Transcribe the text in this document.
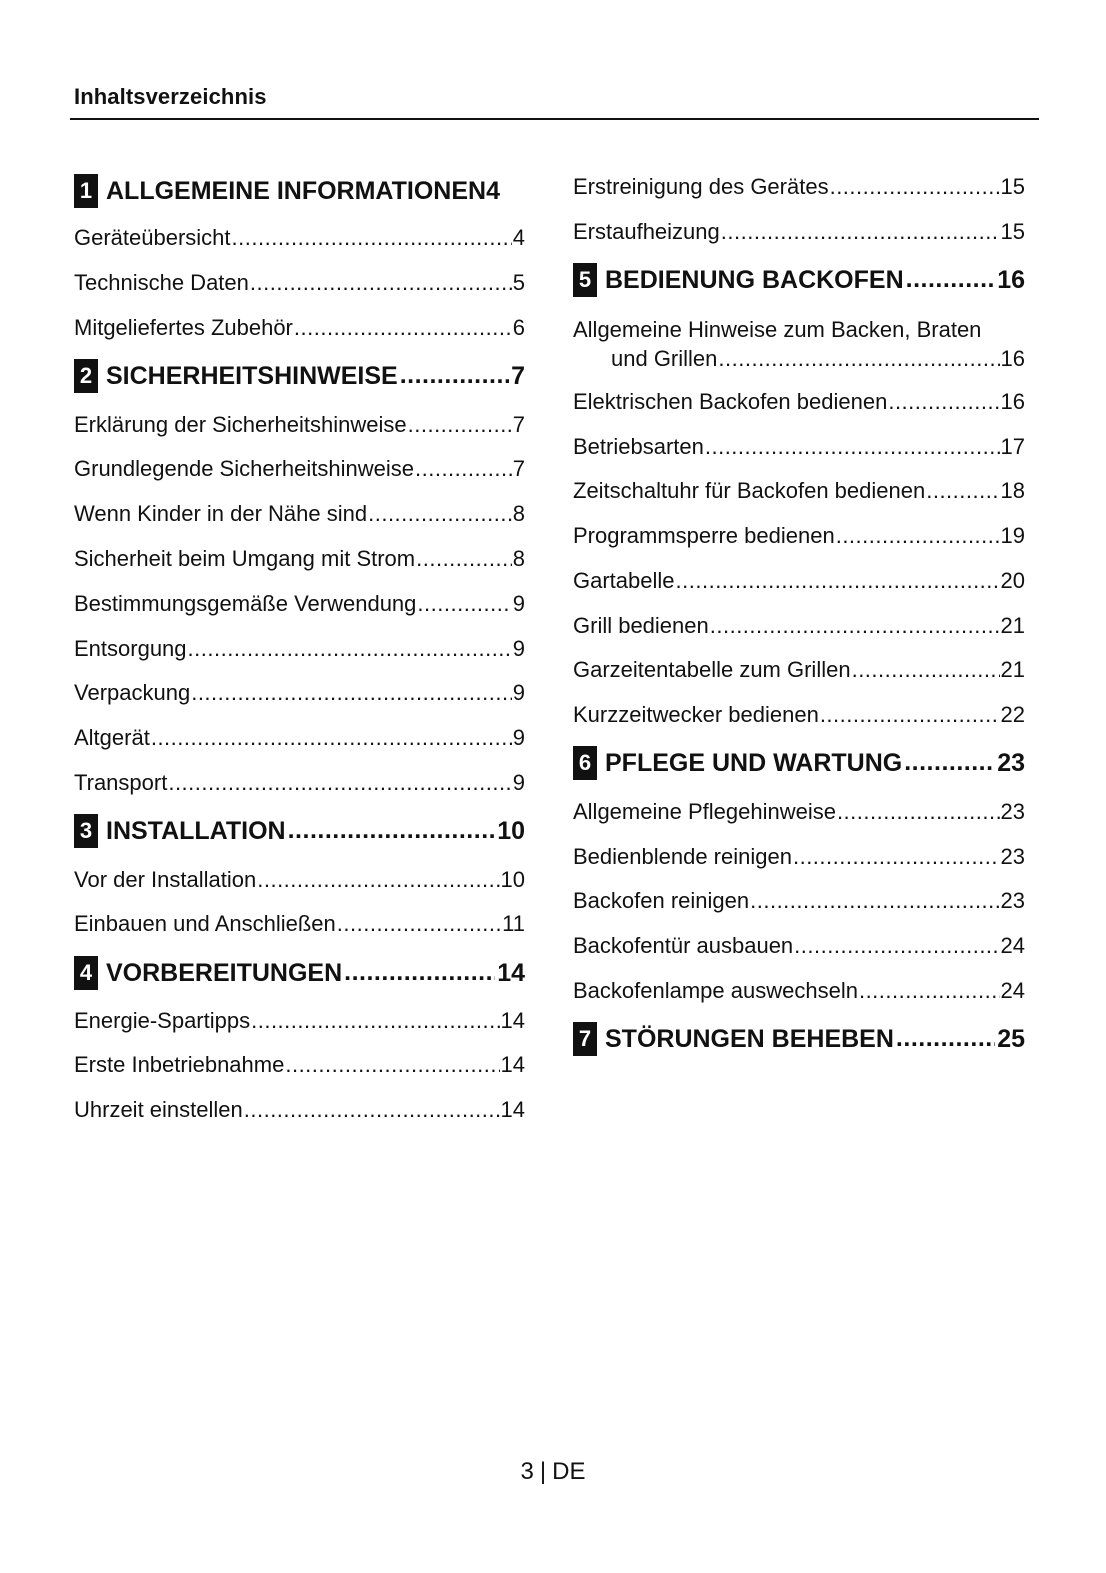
Inhaltsverzeichnis
1 ALLGEMEINE INFORMATIONEN 4
Geräteübersicht .....	4
Technische Daten .....	5
Mitgeliefertes Zubehör .....	6
2 SICHERHEITSHINWEISE .....	7
Erklärung der Sicherheitshinweise .....	7
Grundlegende Sicherheitshinweise .....	7
Wenn Kinder in der Nähe sind .....	8
Sicherheit beim Umgang mit Strom .....	8
Bestimmungsgemäße Verwendung .....	9
Entsorgung .....	9
Verpackung .....	9
Altgerät .....	9
Transport .....	9
3 INSTALLATION .....	10
Vor der Installation .....	10
Einbauen und Anschließen .....	11
4 VORBEREITUNGEN .....	14
Energie-Spartipps .....	14
Erste Inbetriebnahme .....	14
Uhrzeit einstellen .....	14
Erstreinigung des Gerätes .....	15
Erstaufheizung .....	15
5 BEDIENUNG BACKOFEN .....	16
Allgemeine Hinweise zum Backen, Braten
und Grillen .....	16
Elektrischen Backofen bedienen .....	16
Betriebsarten .....	17
Zeitschaltuhr für Backofen bedienen .....	18
Programmsperre bedienen .....	19
Gartabelle .....	20
Grill bedienen .....	21
Garzeitentabelle zum Grillen .....	21
Kurzzeitwecker bedienen .....	22
6 PFLEGE UND WARTUNG .....	23
Allgemeine Pflegehinweise .....	23
Bedienblende reinigen .....	23
Backofen reinigen .....	23
Backofentür ausbauen .....	24
Backofenlampe auswechseln .....	24
7 STÖRUNGEN BEHEBEN .....	25
3 | DE
